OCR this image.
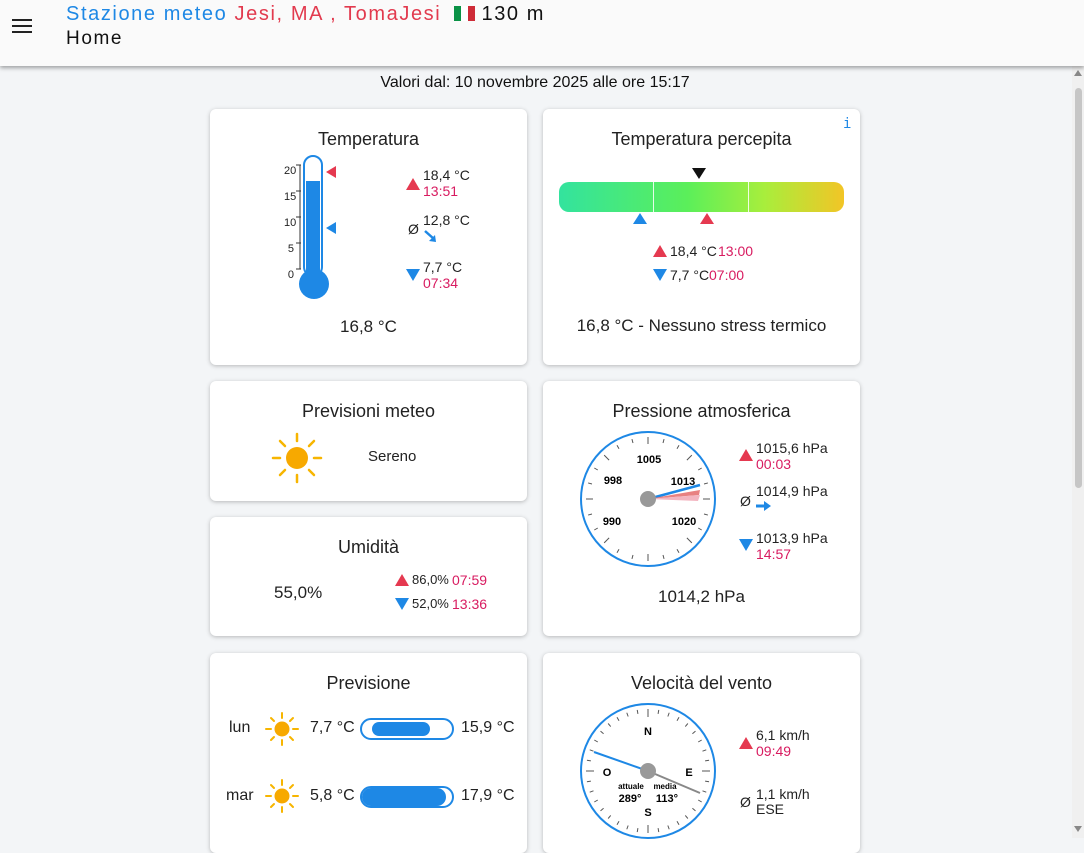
Stazione meteo Jesi, MA , TomaJesi 130 m
Home
Valori dal: 10 novembre 2025 alle ore 15:17
Temperatura
20
15
10
5
0
18,4 °C
13:51
Ø
12,8 °C
7,7 °C
07:34
16,8 °C
Temperatura percepita
i
18,4 °C 13:00
7,7 °C 07:00
16,8 °C - Nessuno stress termico
Previsioni meteo
Sereno
Pressione atmosferica
1005
998	1013
990	1020
1015,6 hPa
00:03
Ø
1014,9 hPa
1013,9 hPa
14:57
1014,2 hPa
Umidità
55,0%
86,0% 07:59
52,0% 13:36
Previsione
lun	7,7 °C	15,9 °C
mar	5,8 °C	17,9 °C
Velocità del vento
N
O	E
S
attuale
289°
media
113°
6,1 km/h
09:49
Ø 1,1 km/h
ESE
